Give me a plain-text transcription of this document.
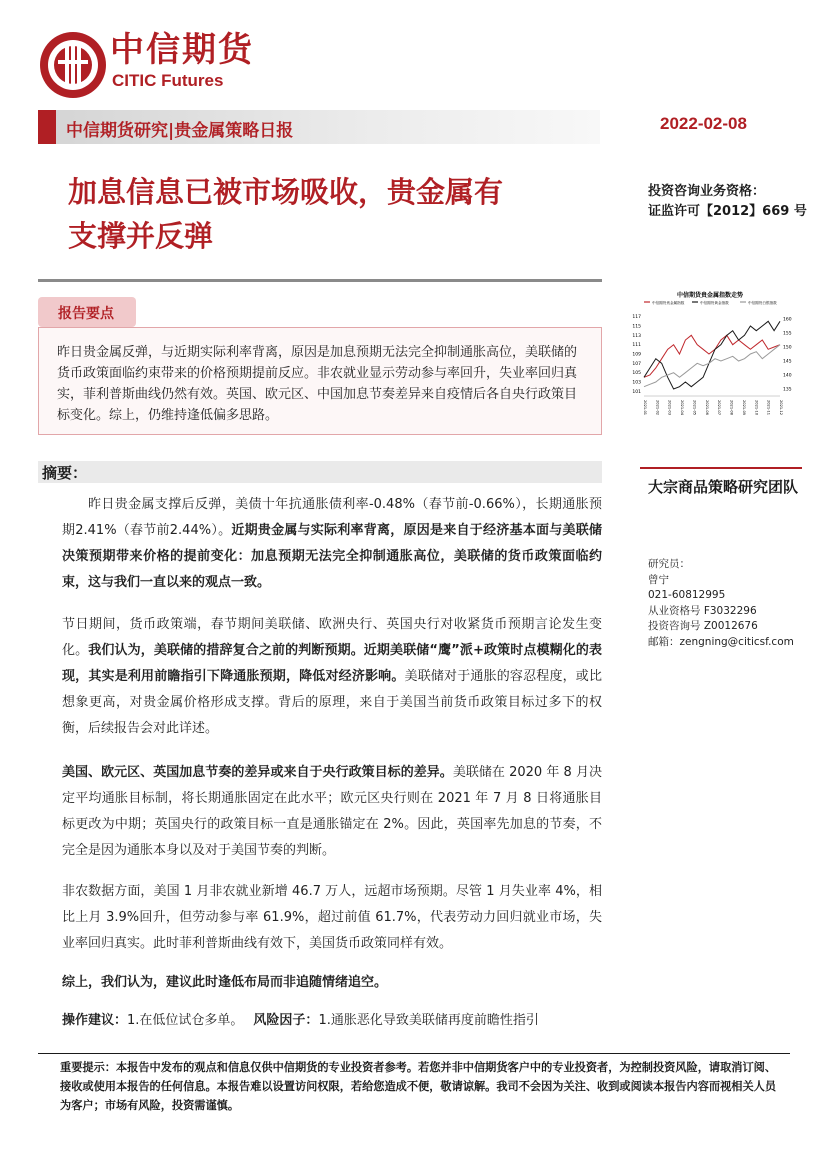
中信期货
CITIC Futures
中信期货研究|贵金属策略日报	2022-02-08
加息信息已被市场吸收，贵金属有
支撑并反弹
投资咨询业务资格：
证监许可【2012】669 号
报告要点
昨日贵金属反弹，与近期实际利率背离，原因是加息预期无法完全抑制通胀高位，美联储的货币政策面临约束带来的价格预期提前反应。非农就业显示劳动参与率回升，失业率回归真实，菲利普斯曲线仍然有效。英国、欧元区、中国加息节奏差异来自疫情后各自央行政策目标变化。综上，仍维持逢低偏多思路。
中信期货贵金属指数走势
中信期货贵金属指数	中信期货黄金指数	中信期货白银指数
101
103
105
107
109
111
113
115
117
135
140
145
150
155
160
2021-01 2021-02 2021-03 2021-04 2021-05 2021-06 2021-07 2021-08 2021-09 2021-10 2021-11 2021-12
摘要：
昨日贵金属支撑后反弹，美债十年抗通胀债利率-0.48%（春节前-0.66%），长期通胀预期2.41%（春节前2.44%）。近期贵金属与实际利率背离，原因是来自于经济基本面与美联储决策预期带来价格的提前变化：加息预期无法完全抑制通胀高位，美联储的货币政策面临约束，这与我们一直以来的观点一致。
节日期间，货币政策端，春节期间美联储、欧洲央行、英国央行对收紧货币预期言论发生变化。我们认为，美联储的措辞复合之前的判断预期。近期美联储“鹰”派+政策时点模糊化的表现，其实是利用前瞻指引下降通胀预期，降低对经济影响。美联储对于通胀的容忍程度，或比想象更高，对贵金属价格形成支撑。背后的原理，来自于美国当前货币政策目标过多下的权衡，后续报告会对此详述。
美国、欧元区、英国加息节奏的差异或来自于央行政策目标的差异。美联储在 2020 年 8 月决定平均通胀目标制，将长期通胀固定在此水平；欧元区央行则在 2021 年 7 月 8 日将通胀目标更改为中期；英国央行的政策目标一直是通胀锚定在 2%。因此，英国率先加息的节奏，不完全是因为通胀本身以及对于美国节奏的判断。
非农数据方面，美国 1 月非农就业新增 46.7 万人，远超市场预期。尽管 1 月失业率 4%，相比上月 3.9%回升，但劳动参与率 61.9%，超过前值 61.7%，代表劳动力回归就业市场，失业率回归真实。此时菲利普斯曲线有效下，美国货币政策同样有效。
综上，我们认为，建议此时逢低布局而非追随情绪追空。
操作建议：1.在低位试仓多单。 风险因子：1.通胀恶化导致美联储再度前瞻性指引
大宗商品策略研究团队
研究员：
曾宁
021-60812995
从业资格号 F3032296
投资咨询号 Z0012676
邮箱：zengning@citicsf.com
重要提示：本报告中发布的观点和信息仅供中信期货的专业投资者参考。若您并非中信期货客户中的专业投资者，为控制投资风险，请取消订阅、接收或使用本报告的任何信息。本报告难以设置访问权限，若给您造成不便，敬请谅解。我司不会因为关注、收到或阅读本报告内容而视相关人员为客户；市场有风险，投资需谨慎。
